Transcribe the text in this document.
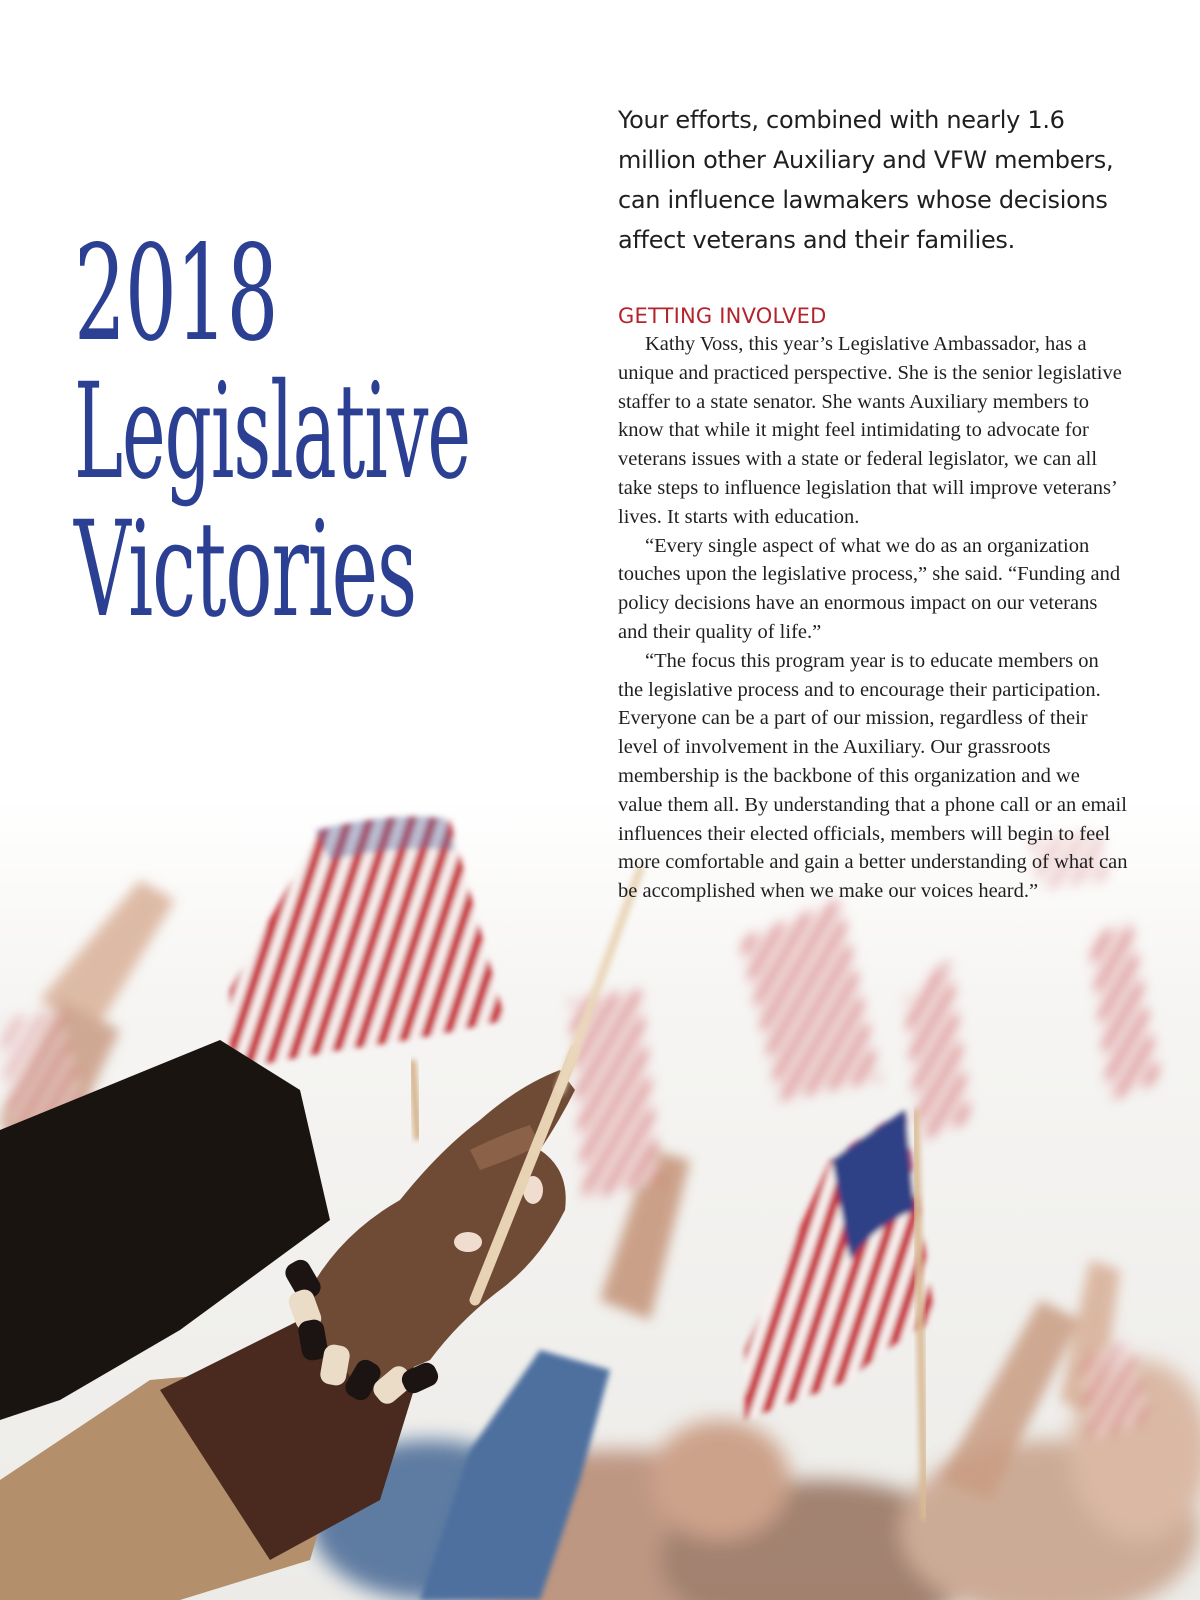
2018
Legislative
Victories

Your efforts, combined with nearly 1.6 million other Auxiliary and VFW members, can influence lawmakers whose decisions affect veterans and their families.

GETTING INVOLVED

Kathy Voss, this year’s Legislative Ambassador, has a unique and practiced perspective. She is the senior legislative staffer to a state senator. She wants Auxiliary members to know that while it might feel intimidating to advocate for veterans issues with a state or federal legislator, we can all take steps to influence legislation that will improve veterans’ lives. It starts with education.

“Every single aspect of what we do as an organization touches upon the legislative process,” she said. “Funding and policy decisions have an enormous impact on our veterans and their quality of life.”

“The focus this program year is to educate members on the legislative process and to encourage their participation. Everyone can be a part of our mission, regardless of their level of involvement in the Auxiliary. Our grassroots membership is the backbone of this organization and we value them all. By understanding that a phone call or an email influences their elected officials, members will begin to feel more comfortable and gain a better understanding of what can be accomplished when we make our voices heard.”
